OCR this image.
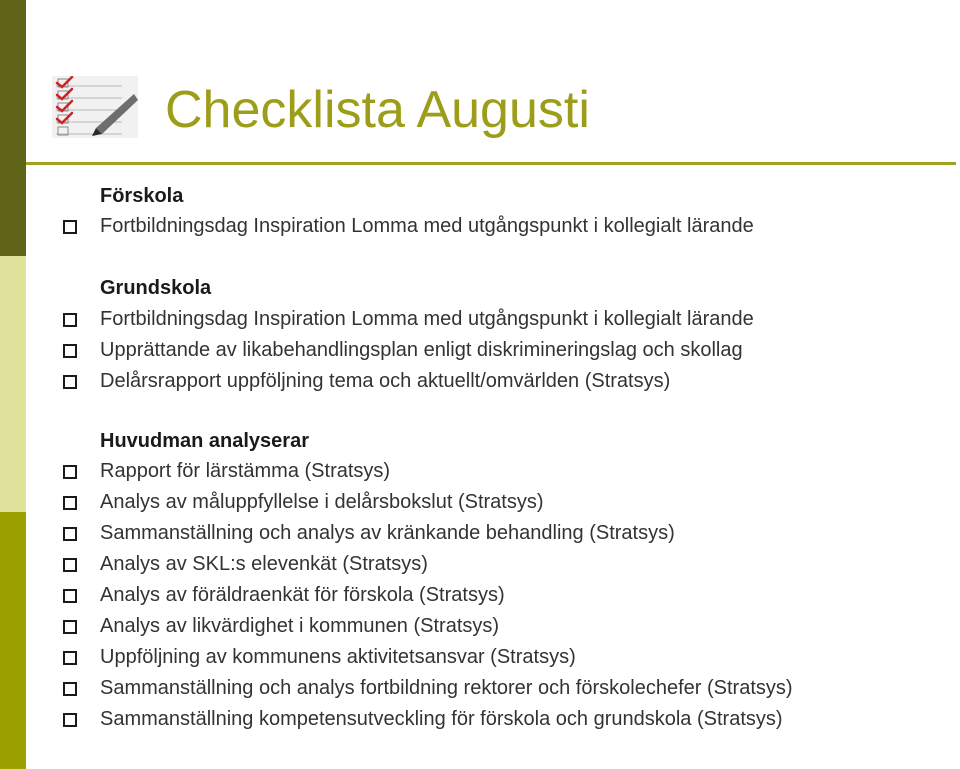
Checklista Augusti
Förskola
Fortbildningsdag Inspiration Lomma med utgångspunkt i kollegialt lärande
Grundskola
Fortbildningsdag Inspiration Lomma med utgångspunkt i kollegialt lärande
Upprättande av likabehandlingsplan enligt diskrimineringslag och skollag
Delårsrapport uppföljning tema och aktuellt/omvärlden (Stratsys)
Huvudman analyserar
Rapport för lärstämma (Stratsys)
Analys av måluppfyllelse i delårsbokslut (Stratsys)
Sammanställning och analys av kränkande behandling (Stratsys)
Analys av SKL:s elevenkät (Stratsys)
Analys av föräldraenkät för förskola (Stratsys)
Analys av likvärdighet i kommunen (Stratsys)
Uppföljning av kommunens aktivitetsansvar (Stratsys)
Sammanställning och analys fortbildning rektorer och förskolechefer (Stratsys)
Sammanställning kompetensutveckling för förskola och grundskola (Stratsys)
